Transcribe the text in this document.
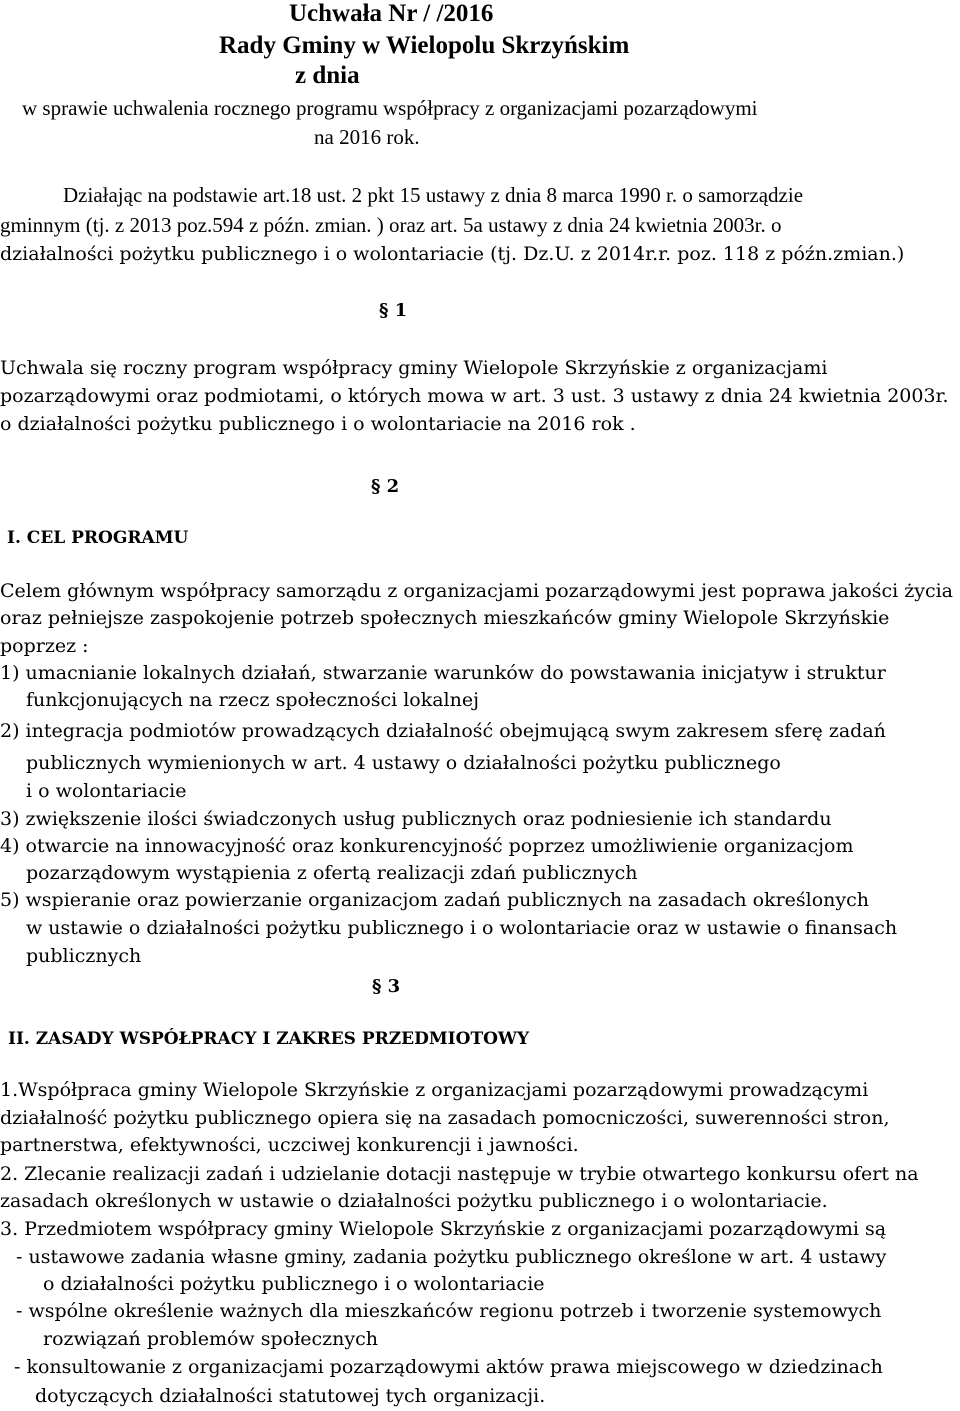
Uchwała Nr / /2016

Rady Gminy w Wielopolu Skrzyńskim

z dnia

w sprawie uchwalenia rocznego programu współpracy z organizacjami pozarządowymi

na 2016 rok.

Działając na podstawie art.18 ust. 2 pkt 15 ustawy z dnia 8 marca 1990 r. o samorządzie

gminnym (tj. z 2013 poz.594 z późn. zmian. ) oraz art. 5a ustawy z dnia 24 kwietnia 2003r. o

działalności pożytku publicznego i o wolontariacie (tj. Dz.U. z 2014r.r. poz. 118 z późn.zmian.)

§ 1

Uchwala się roczny program współpracy gminy Wielopole Skrzyńskie z organizacjami

pozarządowymi oraz podmiotami, o których mowa w art. 3 ust. 3 ustawy z dnia 24 kwietnia 2003r.

o działalności pożytku publicznego i o wolontariacie na 2016 rok .

§ 2

I. CEL PROGRAMU

Celem głównym współpracy samorządu z organizacjami pozarządowymi jest poprawa jakości życia

oraz pełniejsze zaspokojenie potrzeb społecznych mieszkańców gminy Wielopole Skrzyńskie

poprzez :

1) umacnianie lokalnych działań, stwarzanie warunków do powstawania inicjatyw i struktur

funkcjonujących na rzecz społeczności lokalnej

2) integracja podmiotów prowadzących działalność obejmującą swym zakresem sferę zadań

publicznych wymienionych w art. 4 ustawy o działalności pożytku publicznego

i o wolontariacie

3) zwiększenie ilości świadczonych usług publicznych oraz podniesienie ich standardu

4) otwarcie na innowacyjność oraz konkurencyjność poprzez umożliwienie organizacjom

pozarządowym wystąpienia z ofertą realizacji zdań publicznych

5) wspieranie oraz powierzanie organizacjom zadań publicznych na zasadach określonych

w ustawie o działalności pożytku publicznego i o wolontariacie oraz w ustawie o finansach

publicznych

§ 3

II. ZASADY WSPÓŁPRACY I ZAKRES PRZEDMIOTOWY

1.Współpraca gminy Wielopole Skrzyńskie z organizacjami pozarządowymi prowadzącymi

działalność pożytku publicznego opiera się na zasadach pomocniczości, suwerenności stron,

partnerstwa, efektywności, uczciwej konkurencji i jawności.

2. Zlecanie realizacji zadań i udzielanie dotacji następuje w trybie otwartego konkursu ofert na

zasadach określonych w ustawie o działalności pożytku publicznego i o wolontariacie.

3. Przedmiotem współpracy gminy Wielopole Skrzyńskie z organizacjami pozarządowymi są

- ustawowe zadania własne gminy, zadania pożytku publicznego określone w art. 4 ustawy

o działalności pożytku publicznego i o wolontariacie

- wspólne określenie ważnych dla mieszkańców regionu potrzeb i tworzenie systemowych

rozwiązań problemów społecznych

- konsultowanie z organizacjami pozarządowymi aktów prawa miejscowego w dziedzinach

dotyczących działalności statutowej tych organizacji.
